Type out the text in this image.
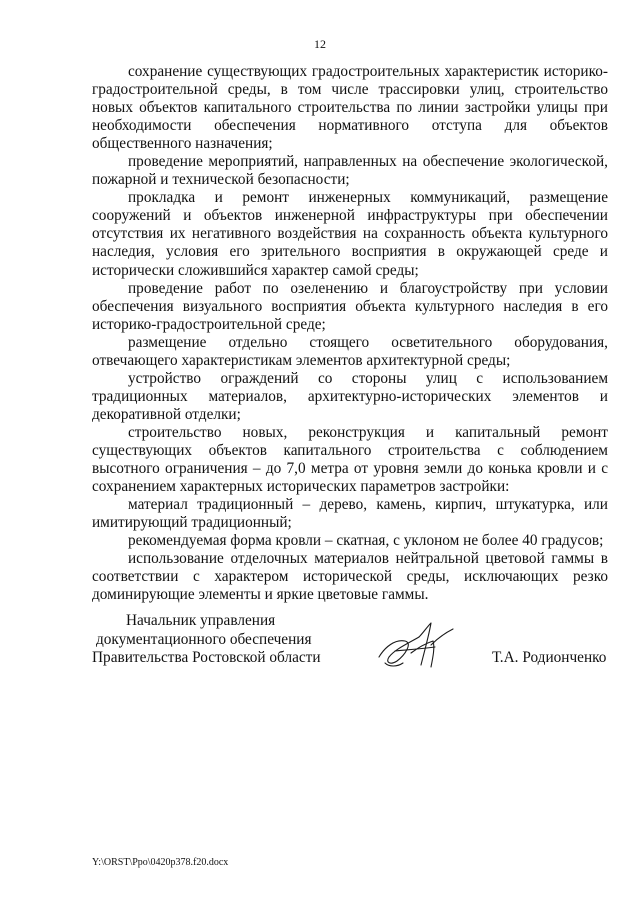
12

сохранение существующих градостроительных характеристик историко-градостроительной среды, в том числе трассировки улиц, строительство новых объектов капитального строительства по линии застройки улицы при необходимости обеспечения нормативного отступа для объектов общественного назначения;

проведение мероприятий, направленных на обеспечение экологической, пожарной и технической безопасности;

прокладка и ремонт инженерных коммуникаций, размещение сооружений и объектов инженерной инфраструктуры при обеспечении отсутствия их негативного воздействия на сохранность объекта культурного наследия, условия его зрительного восприятия в окружающей среде и исторически сложившийся характер самой среды;

проведение работ по озеленению и благоустройству при условии обеспечения визуального восприятия объекта культурного наследия в его историко-градостроительной среде;

размещение отдельно стоящего осветительного оборудования, отвечающего характеристикам элементов архитектурной среды;

устройство ограждений со стороны улиц с использованием традиционных материалов, архитектурно-исторических элементов и декоративной отделки;

строительство новых, реконструкция и капитальный ремонт существующих объектов капитального строительства с соблюдением высотного ограничения – до 7,0 метра от уровня земли до конька кровли и с сохранением характерных исторических параметров застройки:

материал традиционный – дерево, камень, кирпич, штукатурка, или имитирующий традиционный;

рекомендуемая форма кровли – скатная, с уклоном не более 40 градусов;

использование отделочных материалов нейтральной цветовой гаммы в соответствии с характером исторической среды, исключающих резко доминирующие элементы и яркие цветовые гаммы.

Начальник управления
документационного обеспечения
Правительства Ростовской области	Т.А. Родионченко
Y:\ORST\Ppo\0420p378.f20.docx
